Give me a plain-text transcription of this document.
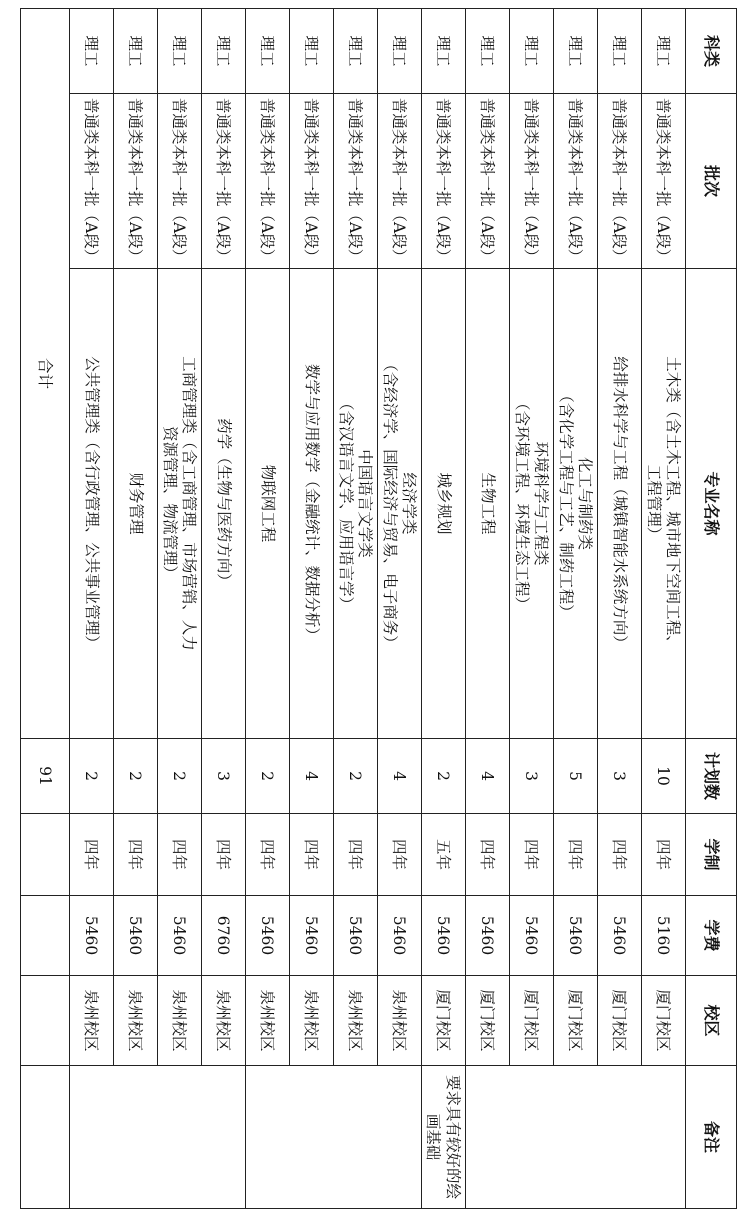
科类	批次	专业名称	计划数	学制	学费	校区	备注
理工	普通类本科一批（A段）	土木类（含土木工程、城市地下空间工程、
工程管理）	10	四年	5160	厦门校区	
理工	普通类本科一批（A段）	给排水科学与工程（城镇智能水系统方向）	3	四年	5460	厦门校区	
理工	普通类本科一批（A段）	化工与制药类
（含化学工程与工艺、制药工程）	5	四年	5460	厦门校区	
理工	普通类本科一批（A段）	环境科学与工程类
（含环境工程、环境生态工程）	3	四年	5460	厦门校区	
理工	普通类本科一批（A段）	生物工程	4	四年	5460	厦门校区	
理工	普通类本科一批（A段）	城乡规划	2	五年	5460	厦门校区	要求具有较好的绘画基础
理工	普通类本科一批（A段）	经济学类
（含经济学、国际经济与贸易、电子商务）	4	四年	5460	泉州校区	
理工	普通类本科一批（A段）	中国语言文学类
（含汉语言文学、应用语言学）	2	四年	5460	泉州校区	
理工	普通类本科一批（A段）	数学与应用数学（金融统计、数据分析）	4	四年	5460	泉州校区	
理工	普通类本科一批（A段）	物联网工程	2	四年	5460	泉州校区	
理工	普通类本科一批（A段）	药学（生物与医药方向）	3	四年	6760	泉州校区	
理工	普通类本科一批（A段）	工商管理类（含工商管理、市场营销、人力
资源管理、物流管理）	2	四年	5460	泉州校区	
理工	普通类本科一批（A段）	财务管理	2	四年	5460	泉州校区	
理工	普通类本科一批（A段）	公共管理类（含行政管理、公共事业管理）	2	四年	5460	泉州校区	
合计			91				
